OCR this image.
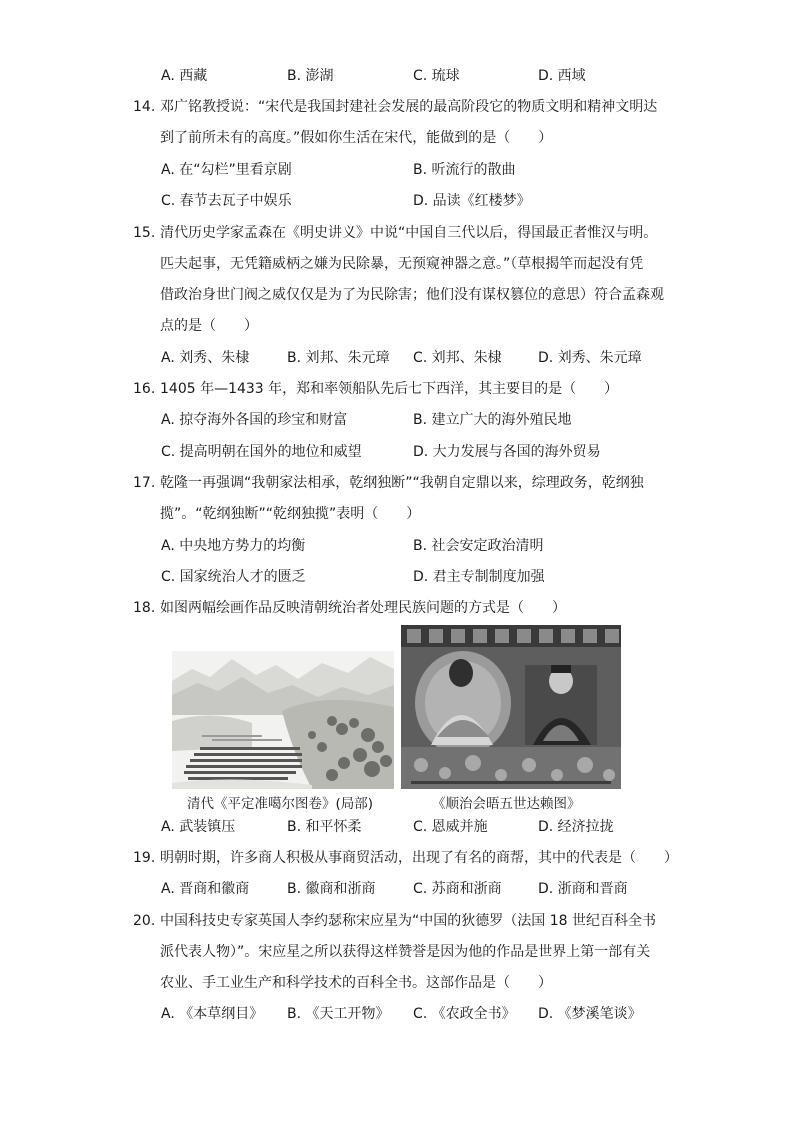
A. 西藏	B. 澎湖	C. 琉球	D. 西域
14. 邓广铭教授说：“宋代是我国封建社会发展的最高阶段它的物质文明和精神文明达
到了前所未有的高度。”假如你生活在宋代，能做到的是（　　）
A. 在“勾栏”里看京剧	B. 听流行的散曲
C. 春节去瓦子中娱乐	D. 品读《红楼梦》
15. 清代历史学家孟森在《明史讲义》中说“中国自三代以后，得国最正者惟汉与明。
匹夫起事，无凭籍威柄之嫌为民除暴，无预窥神器之意。”（草根揭竿而起没有凭
借政治身世门阀之威仅仅是为了为民除害；他们没有谋权篡位的意思）符合孟森观
点的是（　　）
A. 刘秀、朱棣	B. 刘邦、朱元璋 C. 刘邦、朱棣	D. 刘秀、朱元璋
16. 1405 年—1433 年，郑和率领船队先后七下西洋，其主要目的是（　　）
A. 掠夺海外各国的珍宝和财富	B. 建立广大的海外殖民地
C. 提高明朝在国外的地位和威望	D. 大力发展与各国的海外贸易
17. 乾隆一再强调“我朝家法相承，乾纲独断”“我朝自定鼎以来，综理政务，乾纲独
揽”。“乾纲独断”“乾纲独揽”表明（　　）
A. 中央地方势力的均衡	B. 社会安定政治清明
C. 国家统治人才的匮乏	D. 君主专制制度加强
18. 如图两幅绘画作品反映清朝统治者处理民族问题的方式是（　　）
清代《平定准噶尔图卷》(局部)	《顺治会晤五世达赖图》
A. 武装镇压	B. 和平怀柔	C. 恩威并施	D. 经济拉拢
19. 明朝时期，许多商人积极从事商贸活动，出现了有名的商帮，其中的代表是（　　）
A. 晋商和徽商	B. 徽商和浙商	C. 苏商和浙商	D. 浙商和晋商
20. 中国科技史专家英国人李约瑟称宋应星为“中国的狄德罗（法国 18 世纪百科全书
派代表人物）”。宋应星之所以获得这样赞誉是因为他的作品是世界上第一部有关
农业、手工业生产和科学技术的百科全书。这部作品是（　　）
A. 《本草纲目》 B. 《天工开物》 C. 《农政全书》 D. 《梦溪笔谈》
